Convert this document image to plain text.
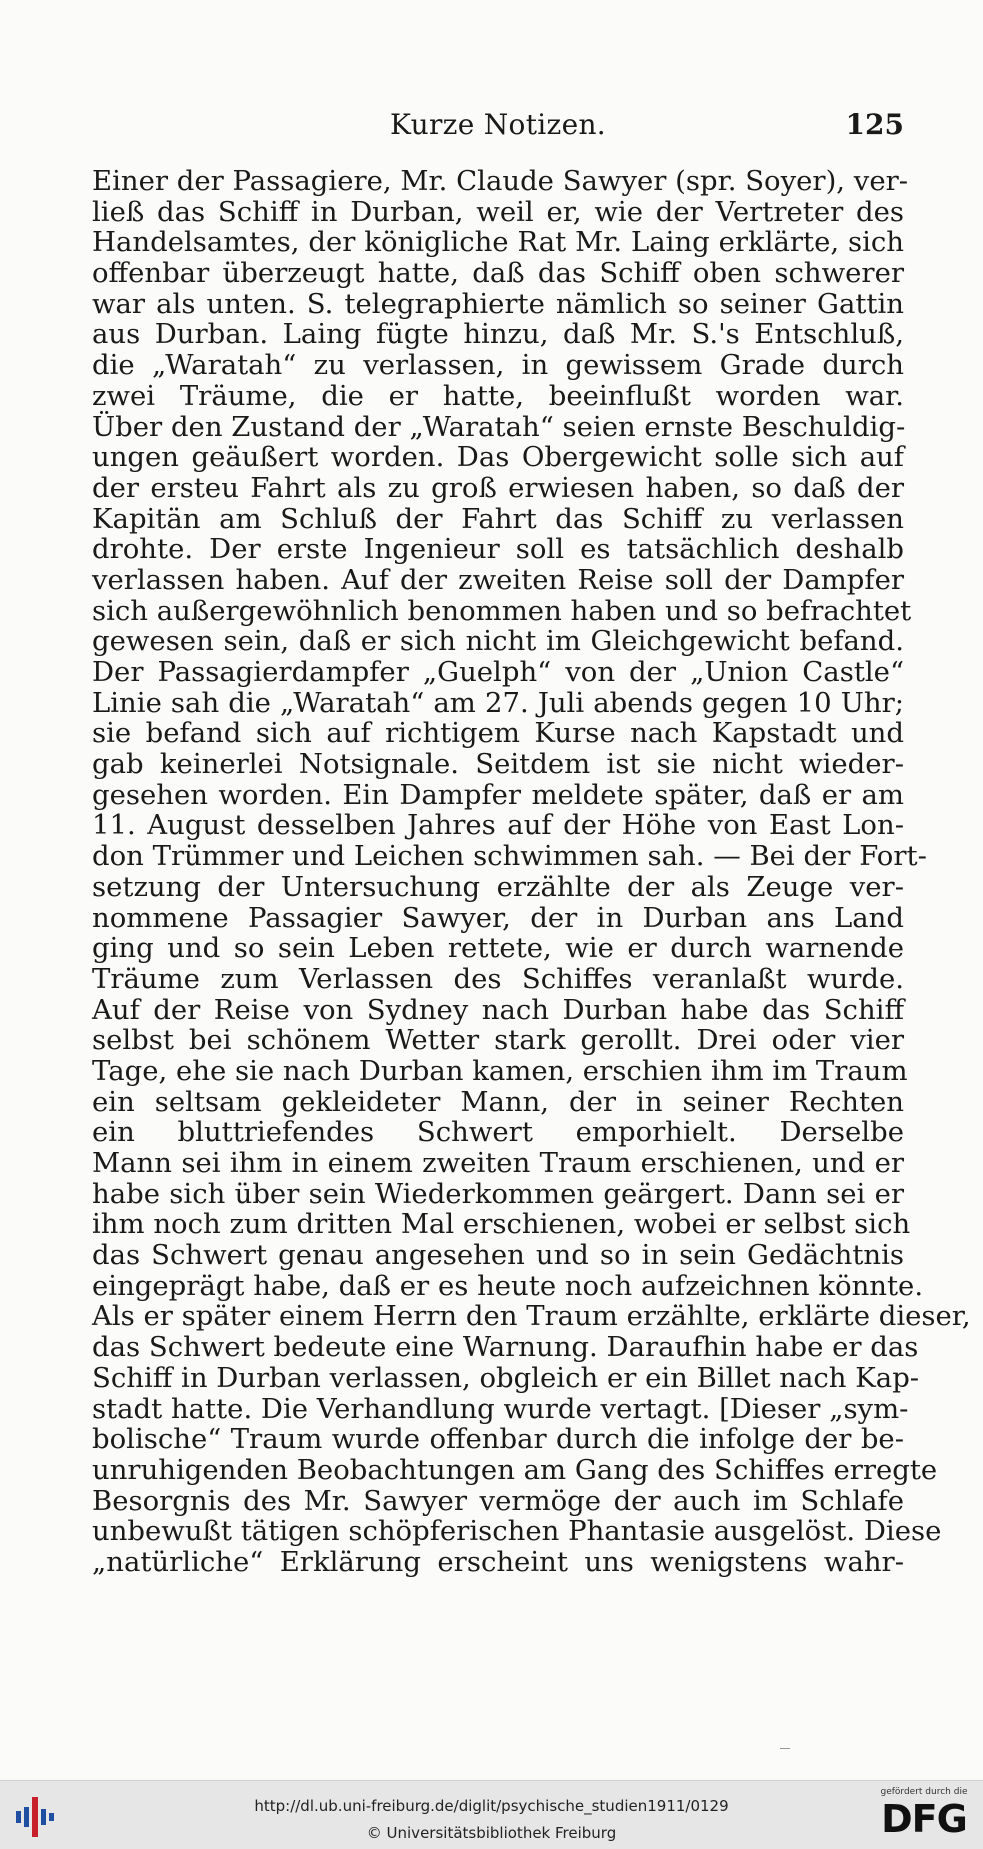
Kurze Notizen.	125
Einer der Passagiere, Mr. Claude Sawyer (spr. Soyer), ver-
ließ das Schiff in Durban, weil er, wie der Vertreter des
Handelsamtes, der königliche Rat Mr. Laing erklärte, sich
offenbar überzeugt hatte, daß das Schiff oben schwerer
war als unten. S. telegraphierte nämlich so seiner Gattin
aus Durban. Laing fügte hinzu, daß Mr. S.'s Entschluß,
die „Waratah“ zu verlassen, in gewissem Grade durch
zwei Träume, die er hatte, beeinflußt worden war.
Über den Zustand der „Waratah“ seien ernste Beschuldig-
ungen geäußert worden. Das Obergewicht solle sich auf
der ersteu Fahrt als zu groß erwiesen haben, so daß der
Kapitän am Schluß der Fahrt das Schiff zu verlassen
drohte. Der erste Ingenieur soll es tatsächlich deshalb
verlassen haben. Auf der zweiten Reise soll der Dampfer
sich außergewöhnlich benommen haben und so befrachtet
gewesen sein, daß er sich nicht im Gleichgewicht befand.
Der Passagierdampfer „Guelph“ von der „Union Castle“
Linie sah die „Waratah“ am 27. Juli abends gegen 10 Uhr;
sie befand sich auf richtigem Kurse nach Kapstadt und
gab keinerlei Notsignale. Seitdem ist sie nicht wieder-
gesehen worden. Ein Dampfer meldete später, daß er am
11. August desselben Jahres auf der Höhe von East Lon-
don Trümmer und Leichen schwimmen sah. — Bei der Fort-
setzung der Untersuchung erzählte der als Zeuge ver-
nommene Passagier Sawyer, der in Durban ans Land
ging und so sein Leben rettete, wie er durch warnende
Träume zum Verlassen des Schiffes veranlaßt wurde.
Auf der Reise von Sydney nach Durban habe das Schiff
selbst bei schönem Wetter stark gerollt. Drei oder vier
Tage, ehe sie nach Durban kamen, erschien ihm im Traum
ein seltsam gekleideter Mann, der in seiner Rechten
ein bluttriefendes Schwert emporhielt. Derselbe
Mann sei ihm in einem zweiten Traum erschienen, und er
habe sich über sein Wiederkommen geärgert. Dann sei er
ihm noch zum dritten Mal erschienen, wobei er selbst sich
das Schwert genau angesehen und so in sein Gedächtnis
eingeprägt habe, daß er es heute noch aufzeichnen könnte.
Als er später einem Herrn den Traum erzählte, erklärte dieser,
das Schwert bedeute eine Warnung. Daraufhin habe er das
Schiff in Durban verlassen, obgleich er ein Billet nach Kap-
stadt hatte. Die Verhandlung wurde vertagt. [Dieser „sym-
bolische“ Traum wurde offenbar durch die infolge der be-
unruhigenden Beobachtungen am Gang des Schiffes erregte
Besorgnis des Mr. Sawyer vermöge der auch im Schlafe
unbewußt tätigen schöpferischen Phantasie ausgelöst. Diese
„natürliche“ Erklärung erscheint uns wenigstens wahr-
http://dl.ub.uni-freiburg.de/diglit/psychische_studien1911/0129
© Universitätsbibliothek Freiburg
gefördert durch die
DFG
